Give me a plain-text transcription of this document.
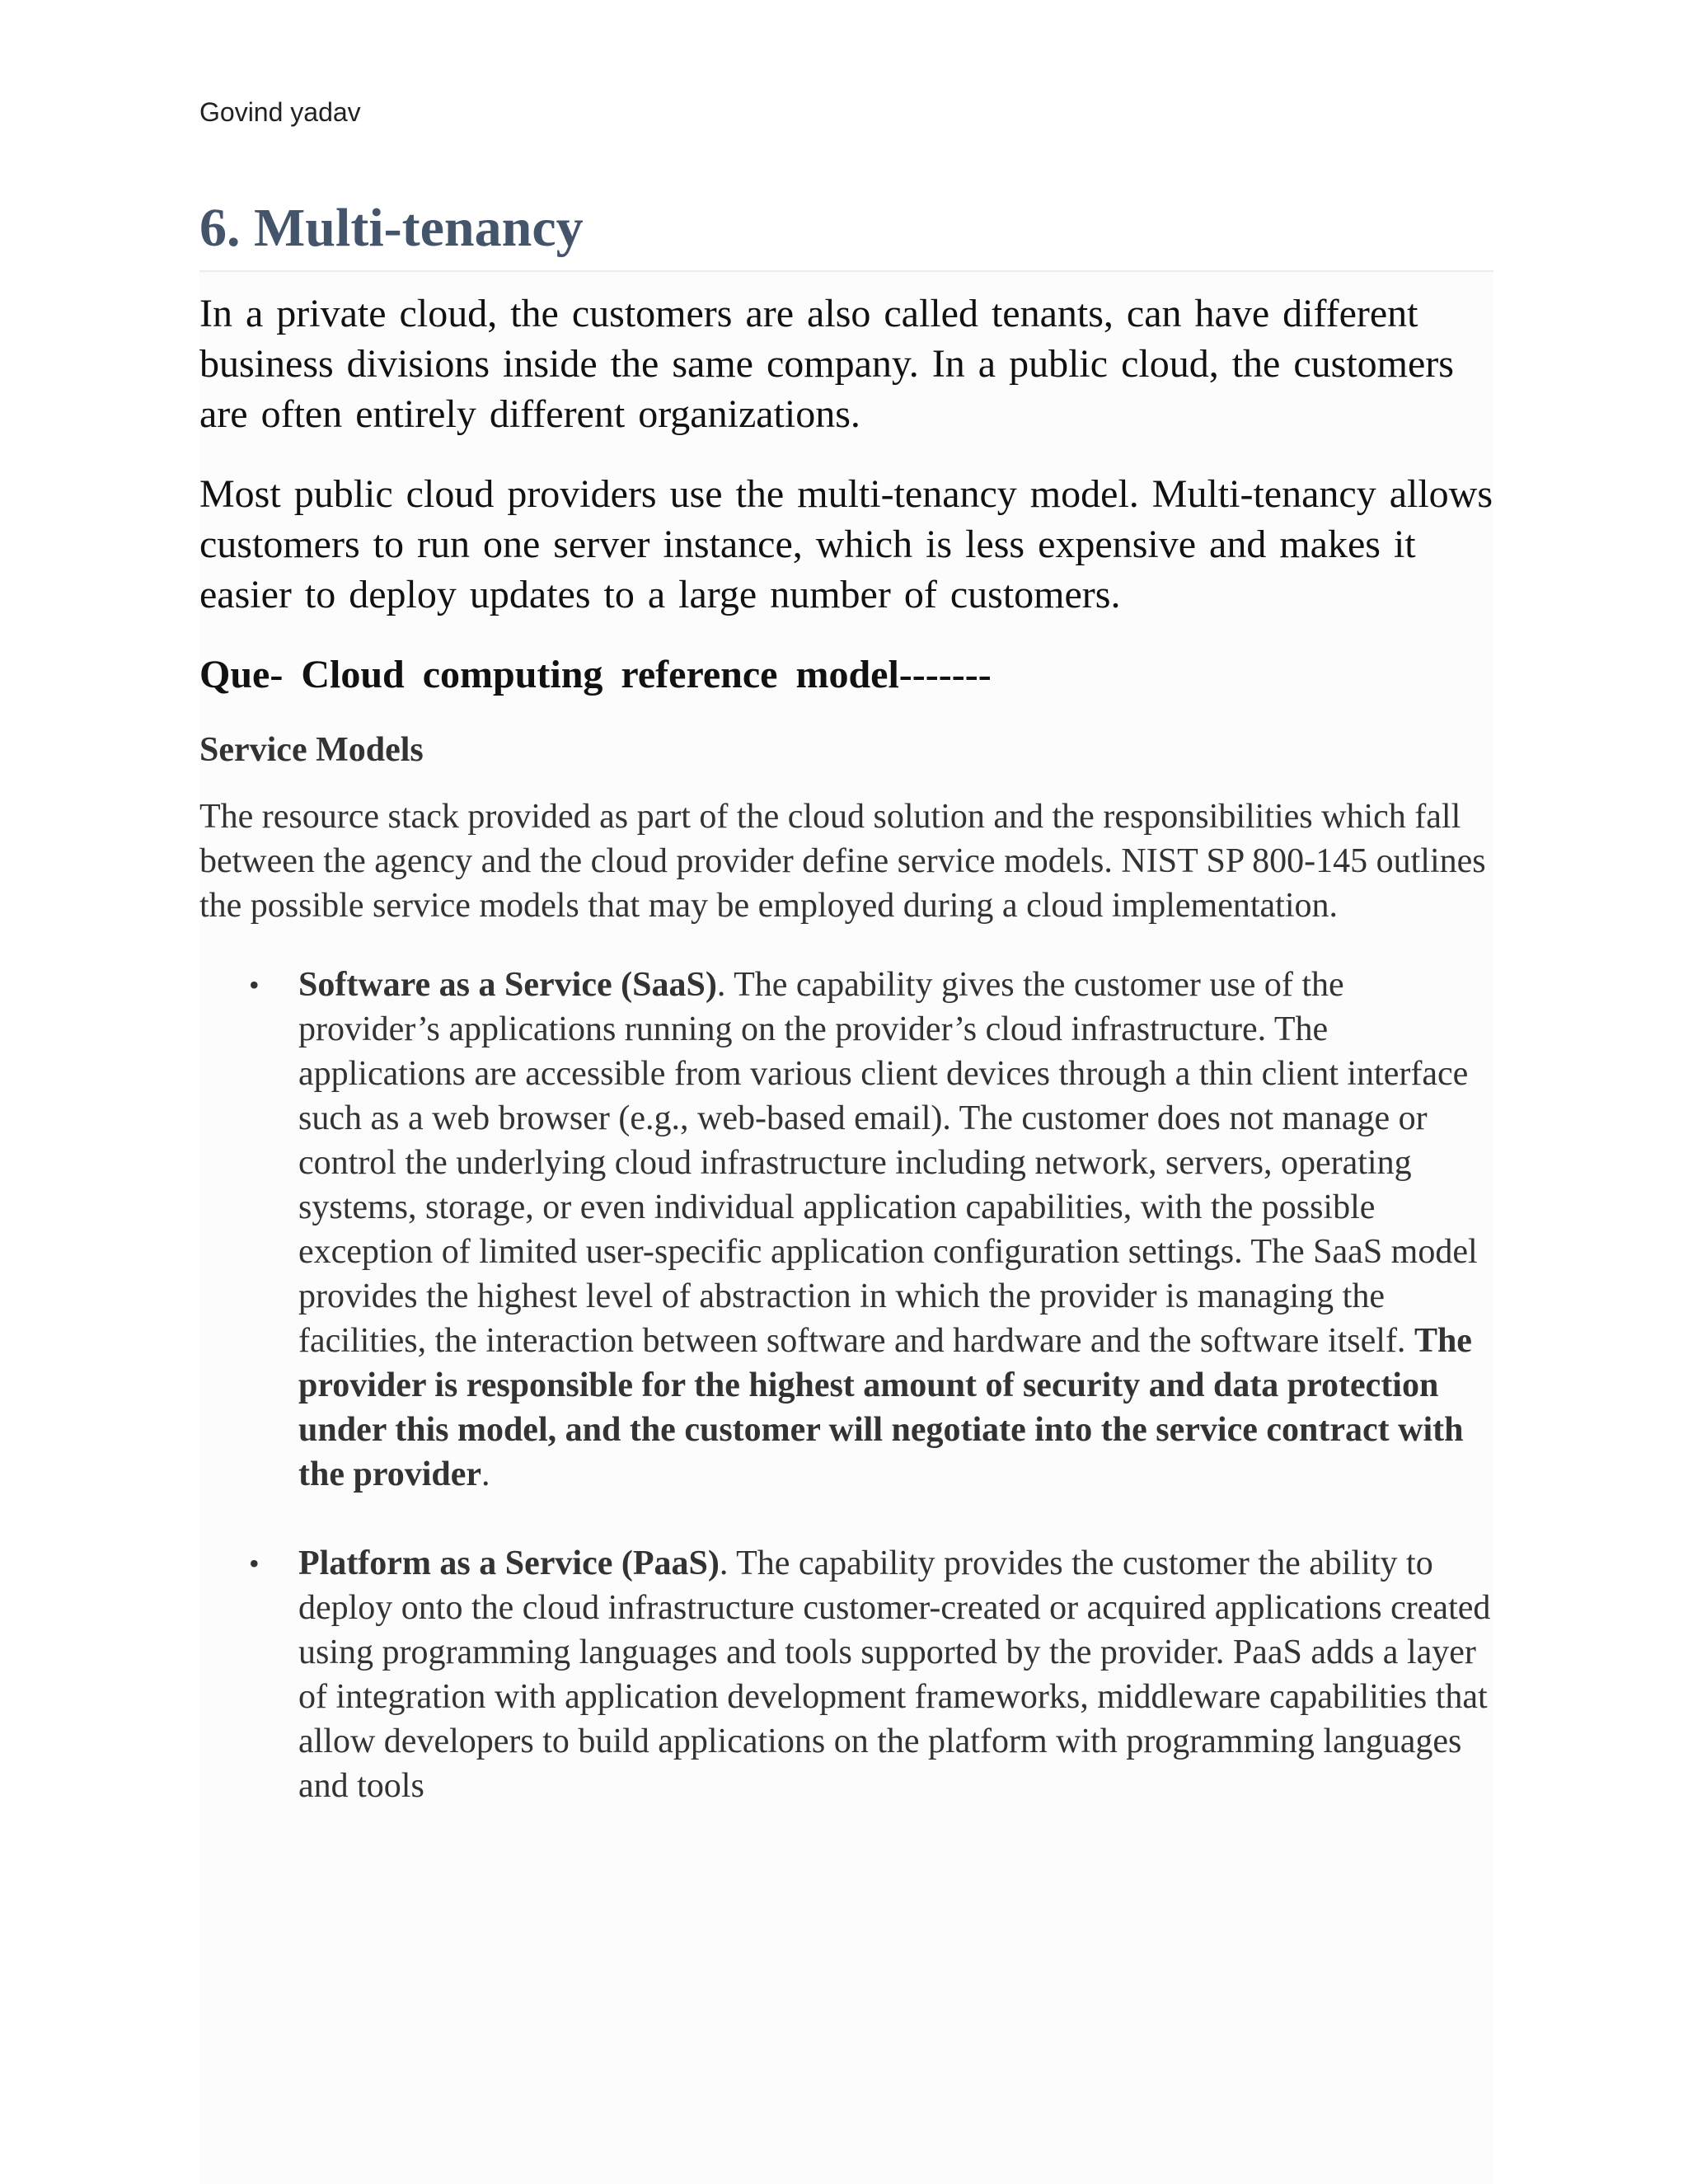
Govind yadav
6. Multi-tenancy

In a private cloud, the customers are also called tenants, can have different business divisions inside the same company. In a public cloud, the customers are often entirely different organizations.

Most public cloud providers use the multi-tenancy model. Multi-tenancy allows customers to run one server instance, which is less expensive and makes it easier to deploy updates to a large number of customers.

Que- Cloud computing reference model-------
Service Models

The resource stack provided as part of the cloud solution and the responsibilities which fall between the agency and the cloud provider define service models. NIST SP 800-145 outlines the possible service models that may be employed during a cloud implementation.

• Software as a Service (SaaS). The capability gives the customer use of the provider’s applications running on the provider’s cloud infrastructure. The applications are accessible from various client devices through a thin client interface such as a web browser (e.g., web-based email). The customer does not manage or control the underlying cloud infrastructure including network, servers, operating systems, storage, or even individual application capabilities, with the possible exception of limited user-specific application configuration settings. The SaaS model provides the highest level of abstraction in which the provider is managing the facilities, the interaction between software and hardware and the software itself. The provider is responsible for the highest amount of security and data protection under this model, and the customer will negotiate into the service contract with the provider.
• Platform as a Service (PaaS). The capability provides the customer the ability to deploy onto the cloud infrastructure customer-created or acquired applications created using programming languages and tools supported by the provider. PaaS adds a layer of integration with application development frameworks, middleware capabilities that allow developers to build applications on the platform with programming languages and tools
